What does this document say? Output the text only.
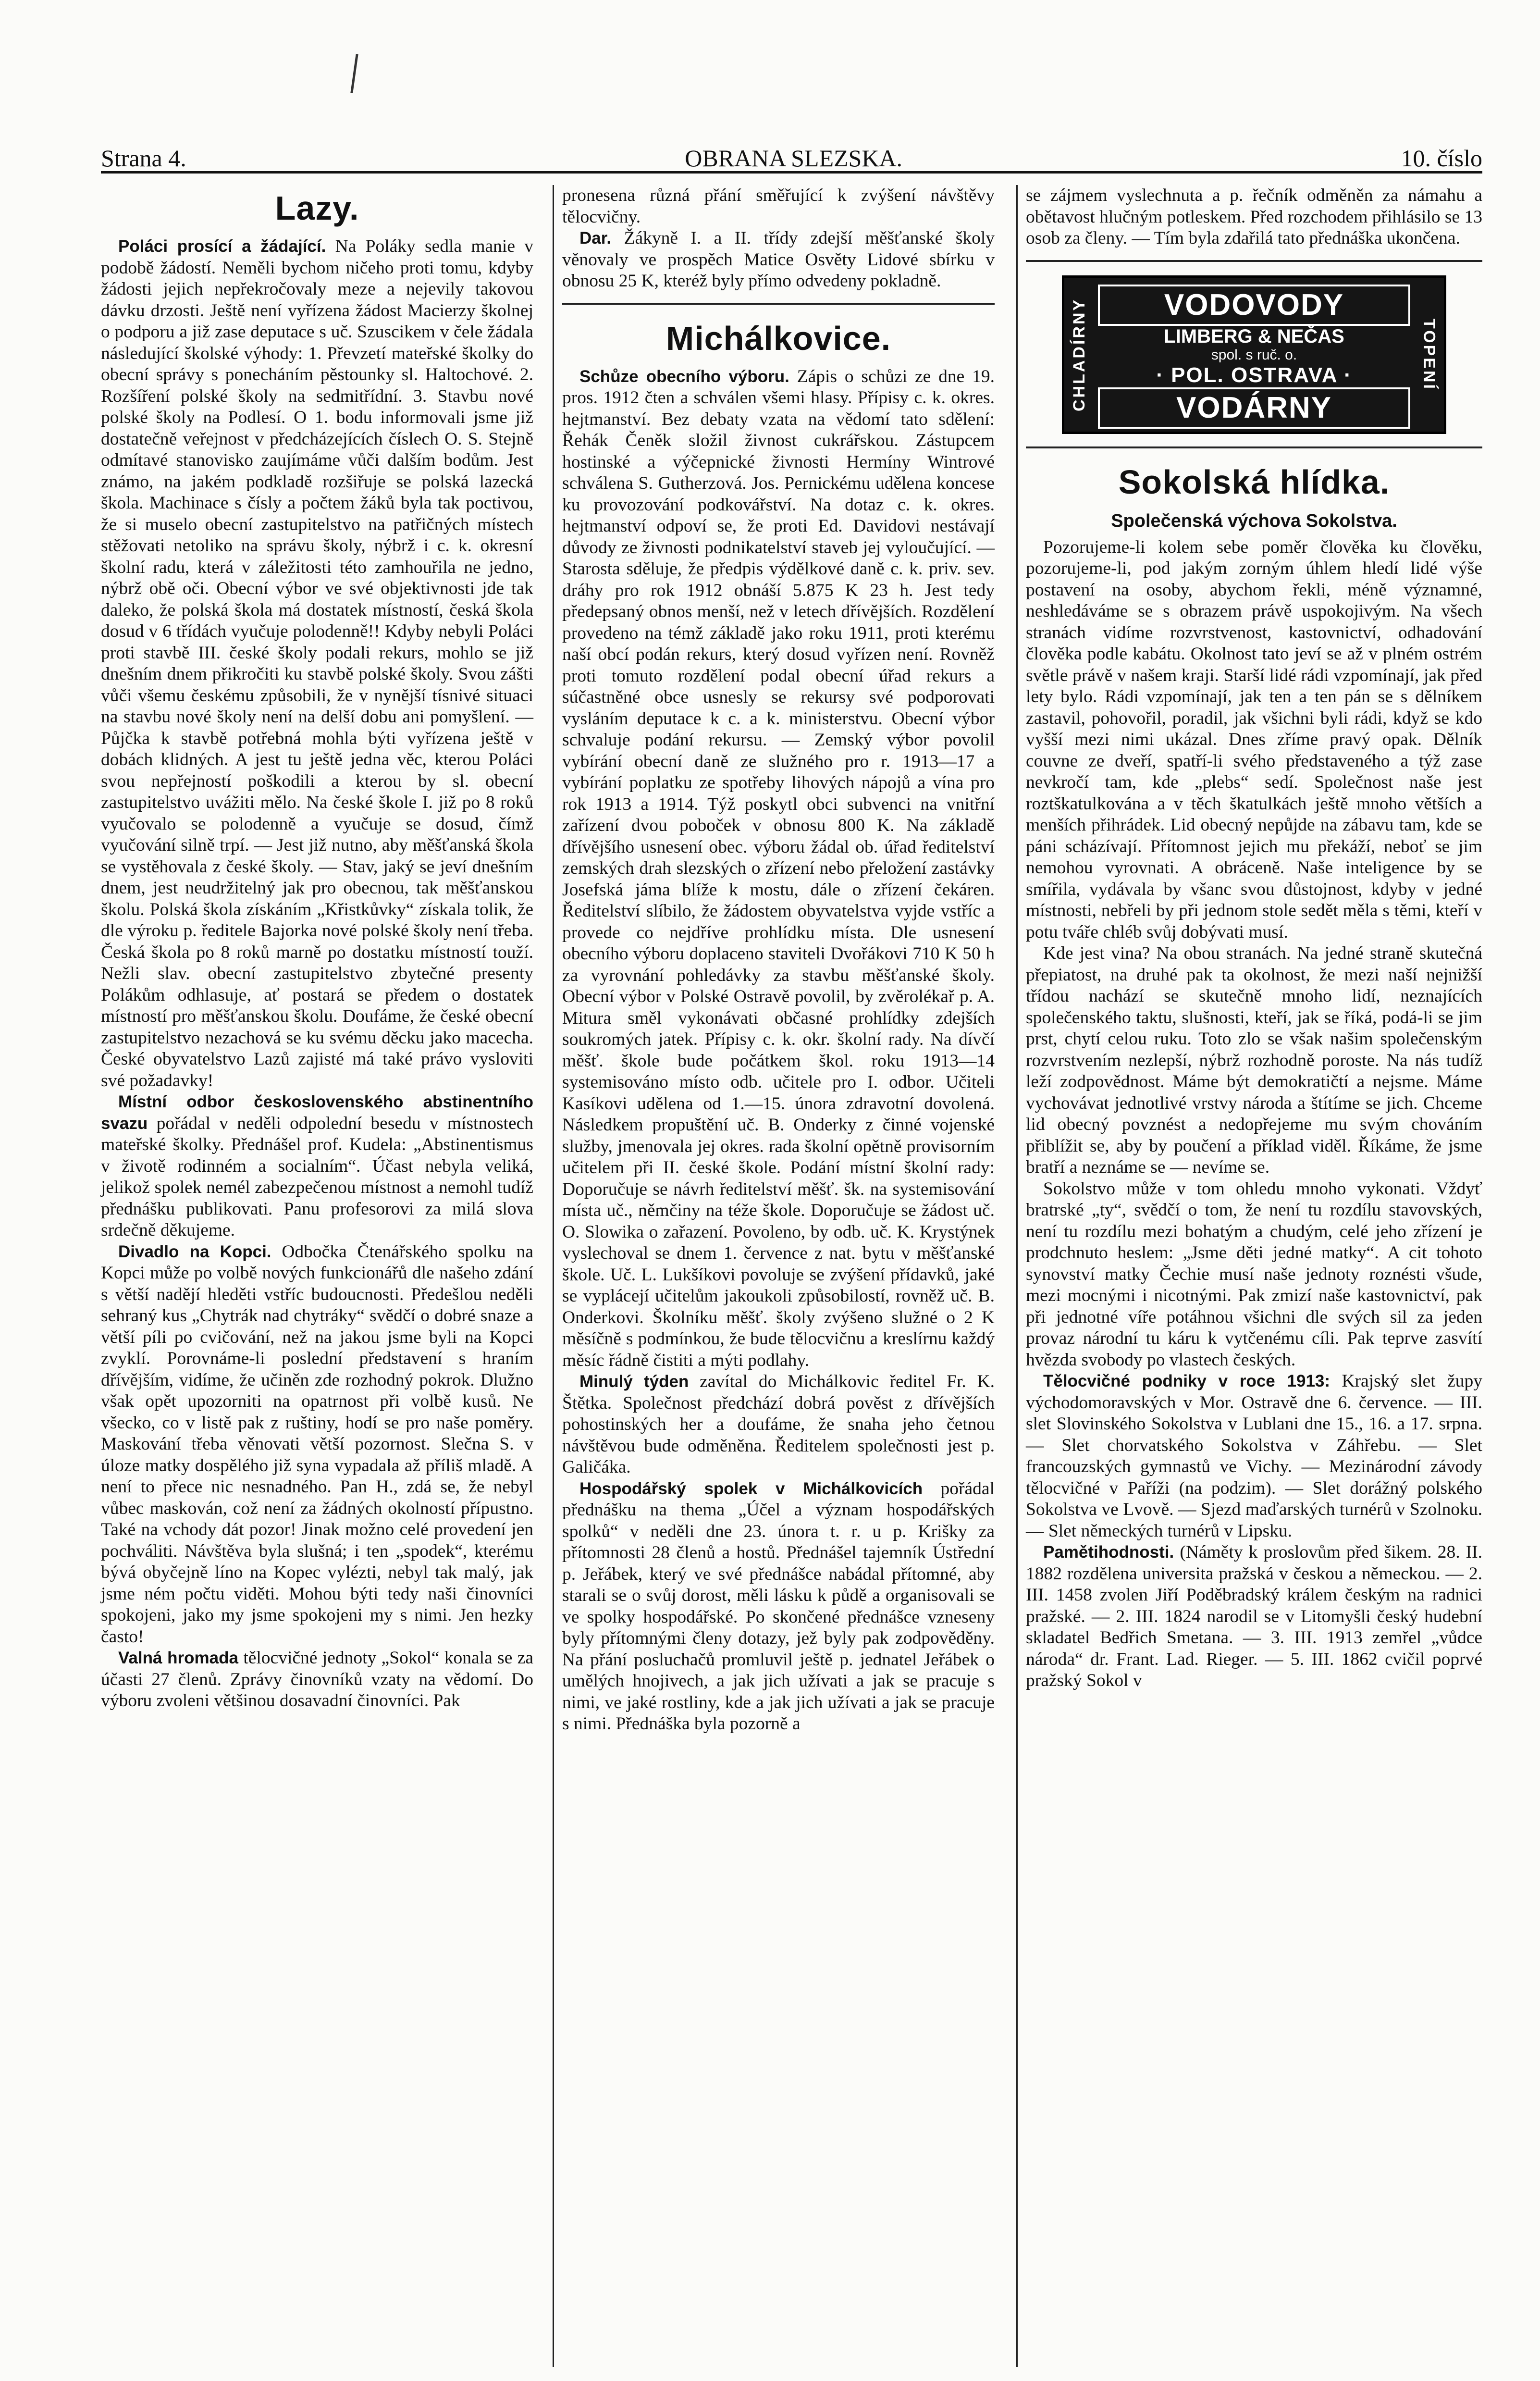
Strana 4.	OBRANA SLEZSKA.	10. číslo
Lazy.

Poláci prosící a žádající. Na Poláky sedla manie v podobě žádostí. Neměli bychom ničeho proti tomu, kdyby žádosti jejich nepřekročovaly meze a nejevily takovou dávku drzosti. Ještě není vyřízena žádost Macierzy školnej o podporu a již zase deputace s uč. Szuscikem v čele žádala následující školské výhody: 1. Převzetí mateřské školky do obecní správy s ponecháním pěstounky sl. Haltochové. 2. Rozšíření polské školy na sedmitřídní. 3. Stavbu nové polské školy na Podlesí. O 1. bodu informovali jsme již dostatečně veřejnost v předcházejících číslech O. S. Stejně odmítavé stanovisko zaujímáme vůči dalším bodům. Jest známo, na jakém podkladě rozšiřuje se polská lazecká škola. Machinace s čísly a počtem žáků byla tak poctivou, že si muselo obecní zastupitelstvo na patřičných místech stěžovati netoliko na správu školy, nýbrž i c. k. okresní školní radu, která v záležitosti této zamhouřila ne jedno, nýbrž obě oči. Obecní výbor ve své objektivnosti jde tak daleko, že polská škola má dostatek místností, česká škola dosud v 6 třídách vyučuje polodenně!! Kdyby nebyli Poláci proti stavbě III. české školy podali rekurs, mohlo se již dnešním dnem přikročiti ku stavbě polské školy. Svou zášti vůči všemu českému způsobili, že v nynější tísnivé situaci na stavbu nové školy není na delší dobu ani pomyšlení. — Půjčka k stavbě potřebná mohla býti vyřízena ještě v dobách klidných. A jest tu ještě jedna věc, kterou Poláci svou nepřejností poškodili a kterou by sl. obecní zastupitelstvo uvážiti mělo. Na české škole I. již po 8 roků vyučovalo se polodenně a vyučuje se dosud, čímž vyučování silně trpí. — Jest již nutno, aby měšťanská škola se vystěhovala z české školy. — Stav, jaký se jeví dnešním dnem, jest neudržitelný jak pro obecnou, tak měšťanskou školu. Polská škola získáním „Křistkůvky“ získala tolik, že dle výroku p. ředitele Bajorka nové polské školy není třeba. Česká škola po 8 roků marně po dostatku místností touží. Nežli slav. obecní zastupitelstvo zbytečné presenty Polákům odhlasuje, ať postará se předem o dostatek místností pro měšťanskou školu. Doufáme, že české obecní zastupitelstvo nezachová se ku svému děcku jako macecha. České obyvatelstvo Lazů zajisté má také právo vysloviti své požadavky!

Místní odbor československého abstinentního svazu pořádal v neděli odpolední besedu v místnostech mateřské školky. Přednášel prof. Kudela: „Abstinentismus v životě rodinném a socialním“. Účast nebyla veliká, jelikož spolek nemél zabezpečenou místnost a nemohl tudíž přednášku publikovati. Panu profesorovi za milá slova srdečně děkujeme.

Divadlo na Kopci. Odbočka Čtenářského spolku na Kopci může po volbě nových funkcionářů dle našeho zdání s větší nadějí hleděti vstříc budoucnosti. Předešlou neděli sehraný kus „Chytrák nad chytráky“ svědčí o dobré snaze a větší píli po cvičování, než na jakou jsme byli na Kopci zvyklí. Porovnáme-li poslední představení s hraním dřívějším, vidíme, že učiněn zde rozhodný pokrok. Dlužno však opět upozorniti na opatrnost při volbě kusů. Ne všecko, co v listě pak z ruštiny, hodí se pro naše poměry. Maskování třeba věnovati větší pozornost. Slečna S. v úloze matky dospělého již syna vypadala až příliš mladě. A není to přece nic nesnadného. Pan H., zdá se, že nebyl vůbec maskován, což není za žádných okolností přípustno. Také na vchody dát pozor! Jinak možno celé provedení jen pochváliti. Návštěva byla slušná; i ten „spodek“, kterému bývá obyčejně líno na Kopec vylézti, nebyl tak malý, jak jsme ném počtu viděti. Mohou býti tedy naši činovníci spokojeni, jako my jsme spokojeni my s nimi. Jen hezky často!

Valná hromada tělocvičné jednoty „Sokol“ konala se za účasti 27 členů. Zprávy činovníků vzaty na vědomí. Do výboru zvoleni většinou dosavadní činovníci. Pak

pronesena různá přání směřující k zvýšení návštěvy tělocvičny.

Dar. Žákyně I. a II. třídy zdejší měšťanské školy věnovaly ve prospěch Matice Osvěty Lidové sbírku v obnosu 25 K, kteréž byly přímo odvedeny pokladně.

Michálkovice.

Schůze obecního výboru. Zápis o schůzi ze dne 19. pros. 1912 čten a schválen všemi hlasy. Přípisy c. k. okres. hejtmanství. Bez debaty vzata na vědomí tato sdělení: Řehák Čeněk složil živnost cukrářskou. Zástupcem hostinské a výčepnické živnosti Hermíny Wintrové schválena S. Gutherzová. Jos. Pernickému udělena koncese ku provozování podkovářství. Na dotaz c. k. okres. hejtmanství odpoví se, že proti Ed. Davidovi nestávají důvody ze živnosti podnikatelství staveb jej vyloučující. — Starosta sděluje, že předpis výdělkové daně c. k. priv. sev. dráhy pro rok 1912 obnáší 5.875 K 23 h. Jest tedy předepsaný obnos menší, než v letech dřívějších. Rozdělení provedeno na témž základě jako roku 1911, proti kterému naší obcí podán rekurs, který dosud vyřízen není. Rovněž proti tomuto rozdělení podal obecní úřad rekurs a súčastněné obce usnesly se rekursy své podporovati vysláním deputace k c. a k. ministerstvu. Obecní výbor schvaluje podání rekursu. — Zemský výbor povolil vybírání obecní daně ze služného pro r. 1913—17 a vybírání poplatku ze spotřeby lihových nápojů a vína pro rok 1913 a 1914. Týž poskytl obci subvenci na vnitřní zařízení dvou poboček v obnosu 800 K. Na základě dřívějšího usnesení obec. výboru žádal ob. úřad ředitelství zemských drah slezských o zřízení nebo přeložení zastávky Josefská jáma blíže k mostu, dále o zřízení čekáren. Ředitelství slíbilo, že žádostem obyvatelstva vyjde vstříc a provede co nejdříve prohlídku místa. Dle usnesení obecního výboru doplaceno staviteli Dvořákovi 710 K 50 h za vyrovnání pohledávky za stavbu měšťanské školy. Obecní výbor v Polské Ostravě povolil, by zvěrolékař p. A. Mitura směl vykonávati občasné prohlídky zdejších soukromých jatek. Přípisy c. k. okr. školní rady. Na dívčí měšť. škole bude počátkem škol. roku 1913—14 systemisováno místo odb. učitele pro I. odbor. Učiteli Kasíkovi udělena od 1.—15. února zdravotní dovolená. Následkem propuštění uč. B. Onderky z činné vojenské služby, jmenovala jej okres. rada školní opětně provisorním učitelem při II. české škole. Podání místní školní rady: Doporučuje se návrh ředitelství měšť. šk. na systemisování místa uč., němčiny na téže škole. Doporučuje se žádost uč. O. Slowika o zařazení. Povoleno, by odb. uč. K. Krystýnek vyslechoval se dnem 1. července z nat. bytu v měšťanské škole. Uč. L. Lukšíkovi povoluje se zvýšení přídavků, jaké se vyplácejí učitelům jakoukoli způsobilostí, rovněž uč. B. Onderkovi. Školníku měšť. školy zvýšeno služné o 2 K měsíčně s podmínkou, že bude tělocvičnu a kreslírnu každý měsíc řádně čistiti a mýti podlahy.

Minulý týden zavítal do Michálkovic ředitel Fr. K. Štětka. Společnost předchází dobrá pověst z dřívějších pohostinských her a doufáme, že snaha jeho četnou návštěvou bude odměněna. Ředitelem společnosti jest p. Galičáka.

Hospodářský spolek v Michálkovicích pořádal přednášku na thema „Účel a význam hospodářských spolků“ v neděli dne 23. února t. r. u p. Krišky za přítomnosti 28 členů a hostů. Přednášel tajemník Ústřední p. Jeřábek, který ve své přednášce nabádal přítomné, aby starali se o svůj dorost, měli lásku k půdě a organisovali se ve spolky hospodářské. Po skončené přednášce vzneseny byly přítomnými členy dotazy, jež byly pak zodpověděny. Na přání posluchačů promluvil ještě p. jednatel Jeřábek o umělých hnojivech, a jak jich užívati a jak se pracuje s nimi, ve jaké rostliny, kde a jak jich užívati a jak se pracuje s nimi. Přednáška byla pozorně a

se zájmem vyslechnuta a p. řečník odměněn za námahu a obětavost hlučným potleskem. Před rozchodem přihlásilo se 13 osob za členy. — Tím byla zdařilá tato přednáška ukončena.

CHLADÍRNY	VODOVODY
LIMBERG & NEČAS
spol. s ruč. o.
· POL. OSTRAVA ·
VODÁRNY
TOPENÍ
Sokolská hlídka.
Společenská výchova Sokolstva.

Pozorujeme-li kolem sebe poměr člověka ku člověku, pozorujeme-li, pod jakým zorným úhlem hledí lidé výše postavení na osoby, abychom řekli, méně významné, neshledáváme se s obrazem právě uspokojivým. Na všech stranách vidíme rozvrstvenost, kastovnictví, odhadování člověka podle kabátu. Okolnost tato jeví se až v plném ostrém světle právě v našem kraji. Starší lidé rádi vzpomínají, jak před lety bylo. Rádi vzpomínají, jak ten a ten pán se s dělníkem zastavil, pohovořil, poradil, jak všichni byli rádi, když se kdo vyšší mezi nimi ukázal. Dnes zříme pravý opak. Dělník couvne ze dveří, spatří-li svého představeného a týž zase nevkročí tam, kde „plebs“ sedí. Společnost naše jest roztškatulkována a v těch škatulkách ještě mnoho větších a menších přihrádek. Lid obecný nepůjde na zábavu tam, kde se páni scházívají. Přítomnost jejich mu překáží, neboť se jim nemohou vyrovnati. A obráceně. Naše inteligence by se smířila, vydávala by všanc svou důstojnost, kdyby v jedné místnosti, nebřeli by při jednom stole sedět měla s těmi, kteří v potu tváře chléb svůj dobývati musí.

Kde jest vina? Na obou stranách. Na jedné straně skutečná přepiatost, na druhé pak ta okolnost, že mezi naší nejnižší třídou nachází se skutečně mnoho lidí, neznajících společenského taktu, slušnosti, kteří, jak se říká, podá-li se jim prst, chytí celou ruku. Toto zlo se však našim společenským rozvrstvením nezlepší, nýbrž rozhodně poroste. Na nás tudíž leží zodpovědnost. Máme být demokratičtí a nejsme. Máme vychovávat jednotlivé vrstvy národa a štítíme se jich. Chceme lid obecný povznést a nedopřejeme mu svým chováním přiblížit se, aby by poučení a příklad viděl. Říkáme, že jsme bratří a neznáme se — nevíme se.

Sokolstvo může v tom ohledu mnoho vykonati. Vždyť bratrské „ty“, svědčí o tom, že není tu rozdílu stavovských, není tu rozdílu mezi bohatým a chudým, celé jeho zřízení je prodchnuto heslem: „Jsme děti jedné matky“. A cit tohoto synovství matky Čechie musí naše jednoty roznésti všude, mezi mocnými i nicotnými. Pak zmizí naše kastovnictví, pak při jednotné víře potáhnou všichni dle svých sil za jeden provaz národní tu káru k vytčenému cíli. Pak teprve zasvítí hvězda svobody po vlastech českých.

Tělocvičné podniky v roce 1913: Krajský slet župy východomoravských v Mor. Ostravě dne 6. července. — III. slet Slovinského Sokolstva v Lublani dne 15., 16. a 17. srpna. — Slet chorvatského Sokolstva v Záhřebu. — Slet francouzských gymnastů ve Vichy. — Mezinárodní závody tělocvičné v Paříži (na podzim). — Slet dorážný polského Sokolstva ve Lvově. — Sjezd maďarských turnérů v Szolnoku. — Slet německých turnérů v Lipsku.

Pamětihodnosti. (Náměty k proslovům před šikem. 28. II. 1882 rozdělena universita pražská v českou a německou. — 2. III. 1458 zvolen Jiří Poděbradský králem českým na radnici pražské. — 2. III. 1824 narodil se v Litomyšli český hudební skladatel Bedřich Smetana. — 3. III. 1913 zemřel „vůdce národa“ dr. Frant. Lad. Rieger. — 5. III. 1862 cvičil poprvé pražský Sokol v
